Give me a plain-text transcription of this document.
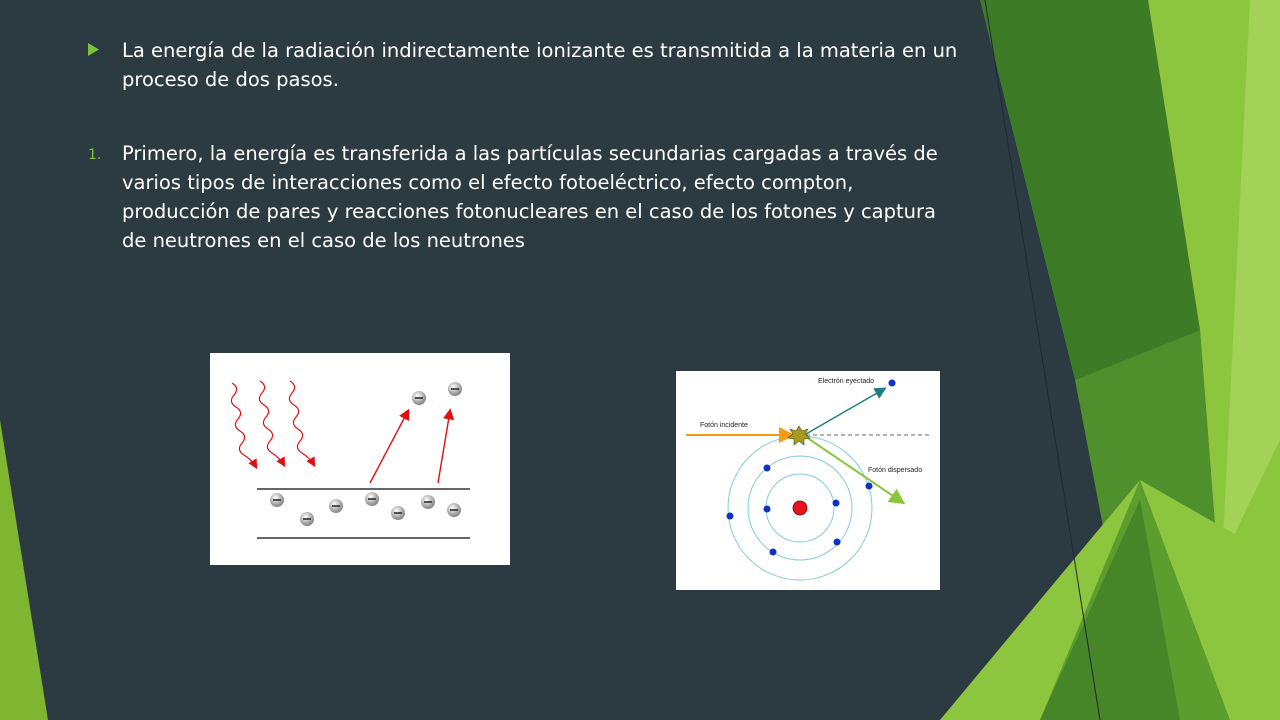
La energía de la radiación indirectamente ionizante es transmitida a la materia en un proceso de dos pasos.
1.	Primero, la energía es transferida a las partículas secundarias cargadas a través de varios tipos de interacciones como el efecto fotoeléctrico, efecto compton, producción de pares y reacciones fotonucleares en el caso de los fotones y captura de neutrones en el caso de los neutrones
Electrón eyectado
Fotón incidente
Fotón dispersado
